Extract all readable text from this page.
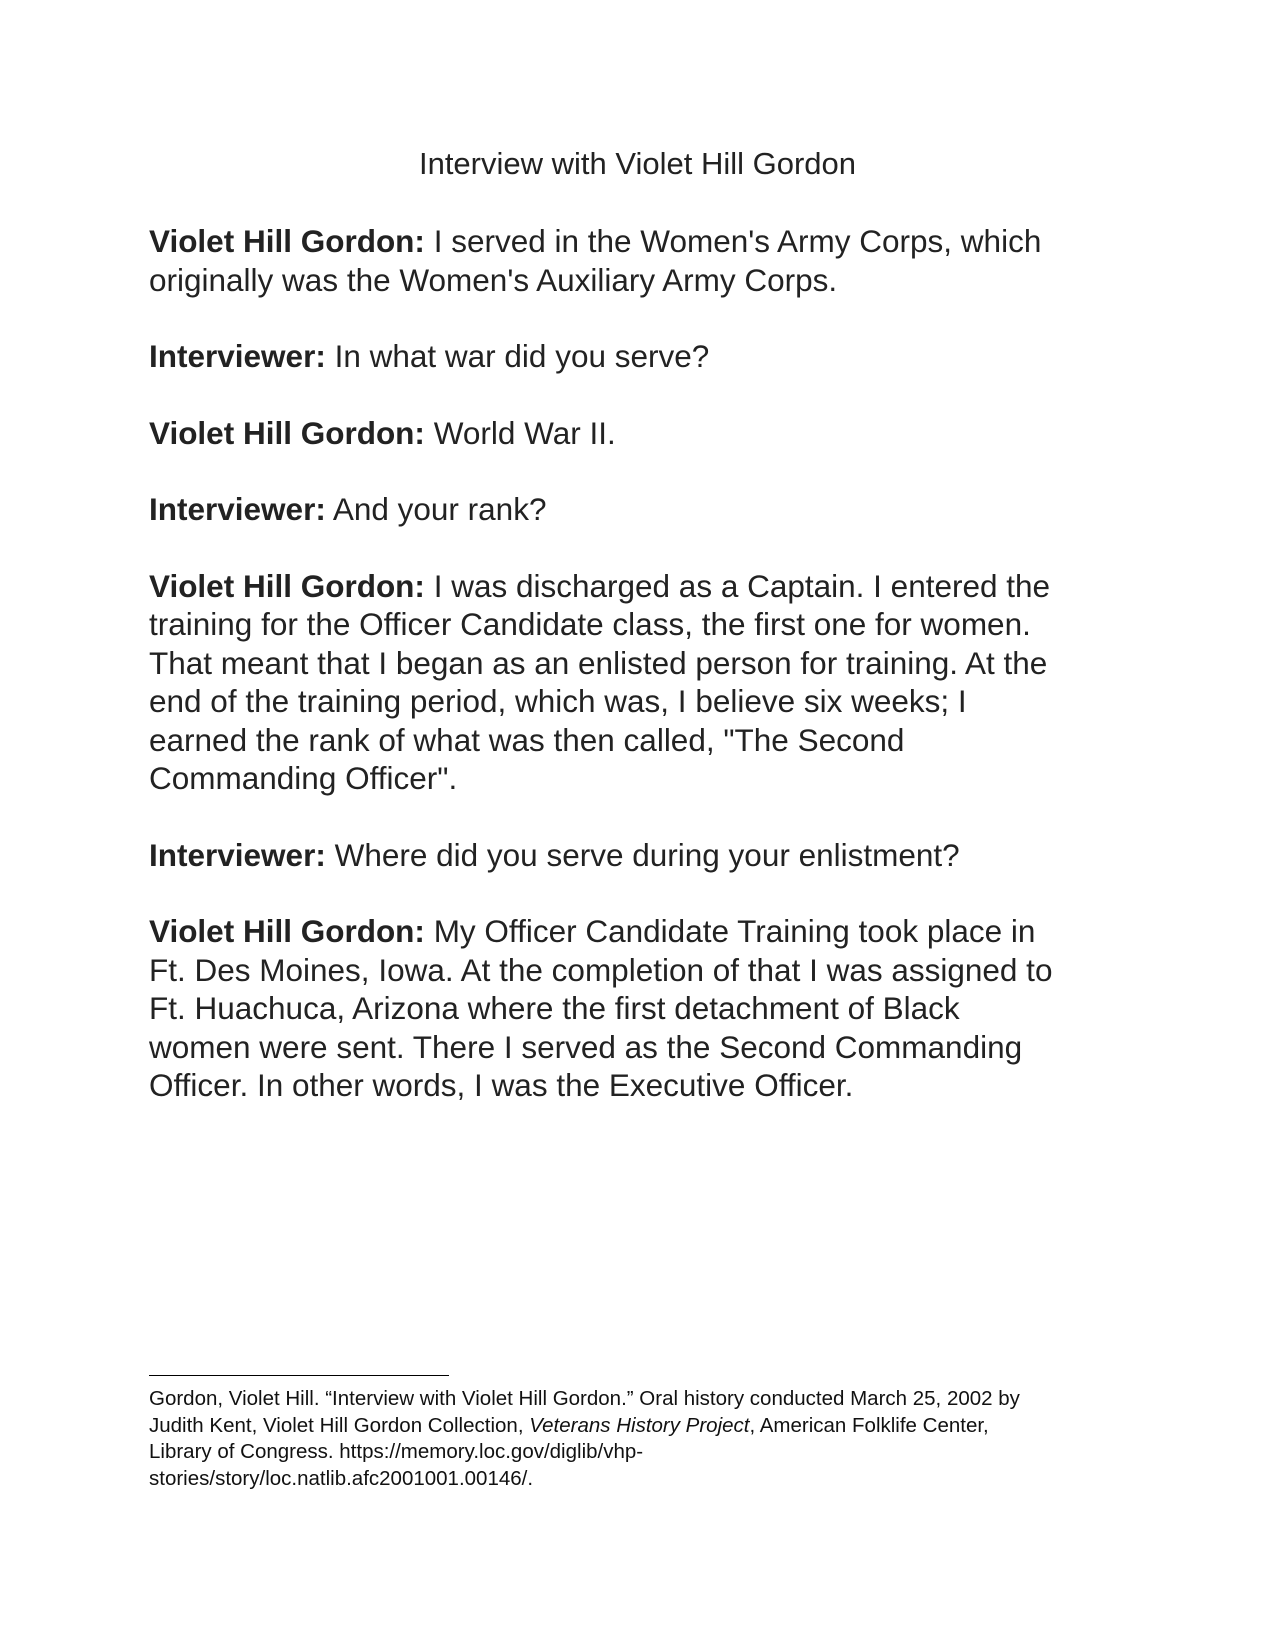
Interview with Violet Hill Gordon

Violet Hill Gordon: I served in the Women's Army Corps, which
originally was the Women's Auxiliary Army Corps.

Interviewer: In what war did you serve?

Violet Hill Gordon: World War II.

Interviewer: And your rank?

Violet Hill Gordon: I was discharged as a Captain. I entered the
training for the Officer Candidate class, the first one for women.
That meant that I began as an enlisted person for training. At the
end of the training period, which was, I believe six weeks; I
earned the rank of what was then called, "The Second
Commanding Officer".

Interviewer: Where did you serve during your enlistment?

Violet Hill Gordon: My Officer Candidate Training took place in
Ft. Des Moines, Iowa. At the completion of that I was assigned to
Ft. Huachuca, Arizona where the first detachment of Black
women were sent. There I served as the Second Commanding
Officer. In other words, I was the Executive Officer.

Gordon, Violet Hill. “Interview with Violet Hill Gordon.” Oral history conducted March 25, 2002 by
Judith Kent, Violet Hill Gordon Collection, Veterans History Project, American Folklife Center,
Library of Congress. https://memory.loc.gov/diglib/vhp-
stories/story/loc.natlib.afc2001001.00146/.
